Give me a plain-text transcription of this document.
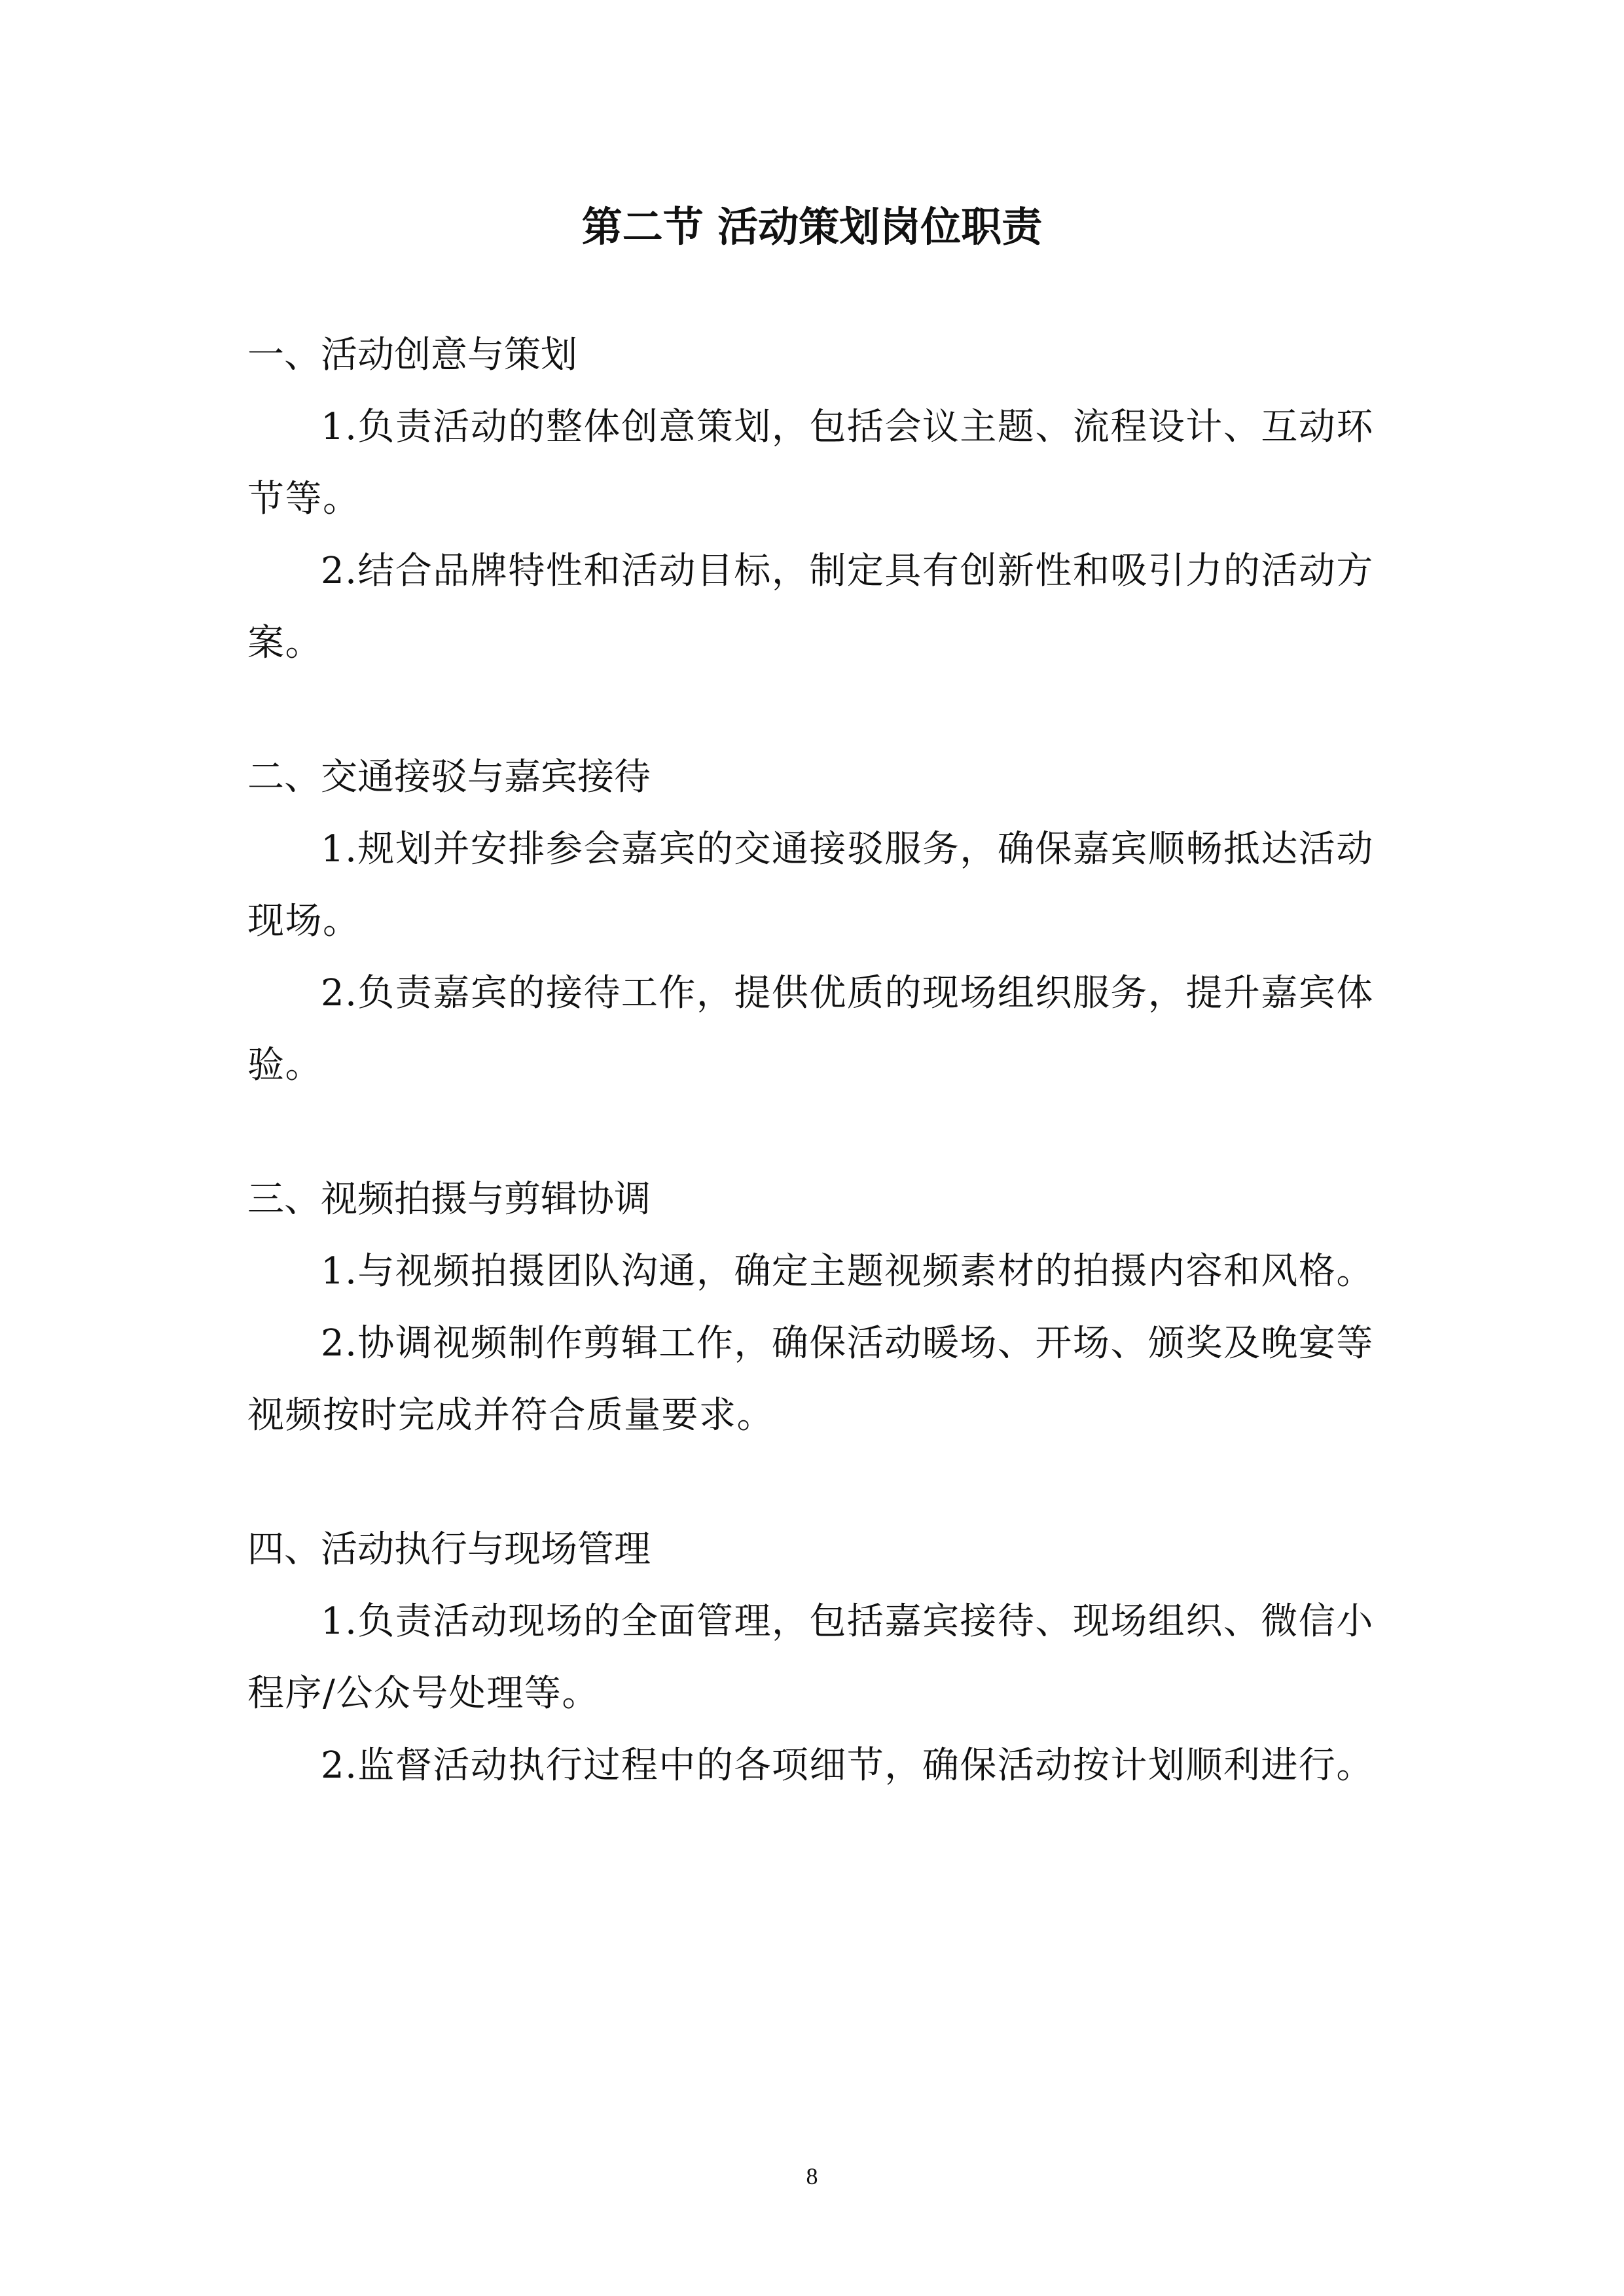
第二节 活动策划岗位职责
一、活动创意与策划
1.负责活动的整体创意策划，包括会议主题、流程设计、互动环节等。
2.结合品牌特性和活动目标，制定具有创新性和吸引力的活动方案。
二、交通接驳与嘉宾接待
1.规划并安排参会嘉宾的交通接驳服务，确保嘉宾顺畅抵达活动现场。
2.负责嘉宾的接待工作，提供优质的现场组织服务，提升嘉宾体验。
三、视频拍摄与剪辑协调
1.与视频拍摄团队沟通，确定主题视频素材的拍摄内容和风格。
2.协调视频制作剪辑工作，确保活动暖场、开场、颁奖及晚宴等视频按时完成并符合质量要求。
四、活动执行与现场管理
1.负责活动现场的全面管理，包括嘉宾接待、现场组织、微信小程序/公众号处理等。
2.监督活动执行过程中的各项细节，确保活动按计划顺利进行。
8
